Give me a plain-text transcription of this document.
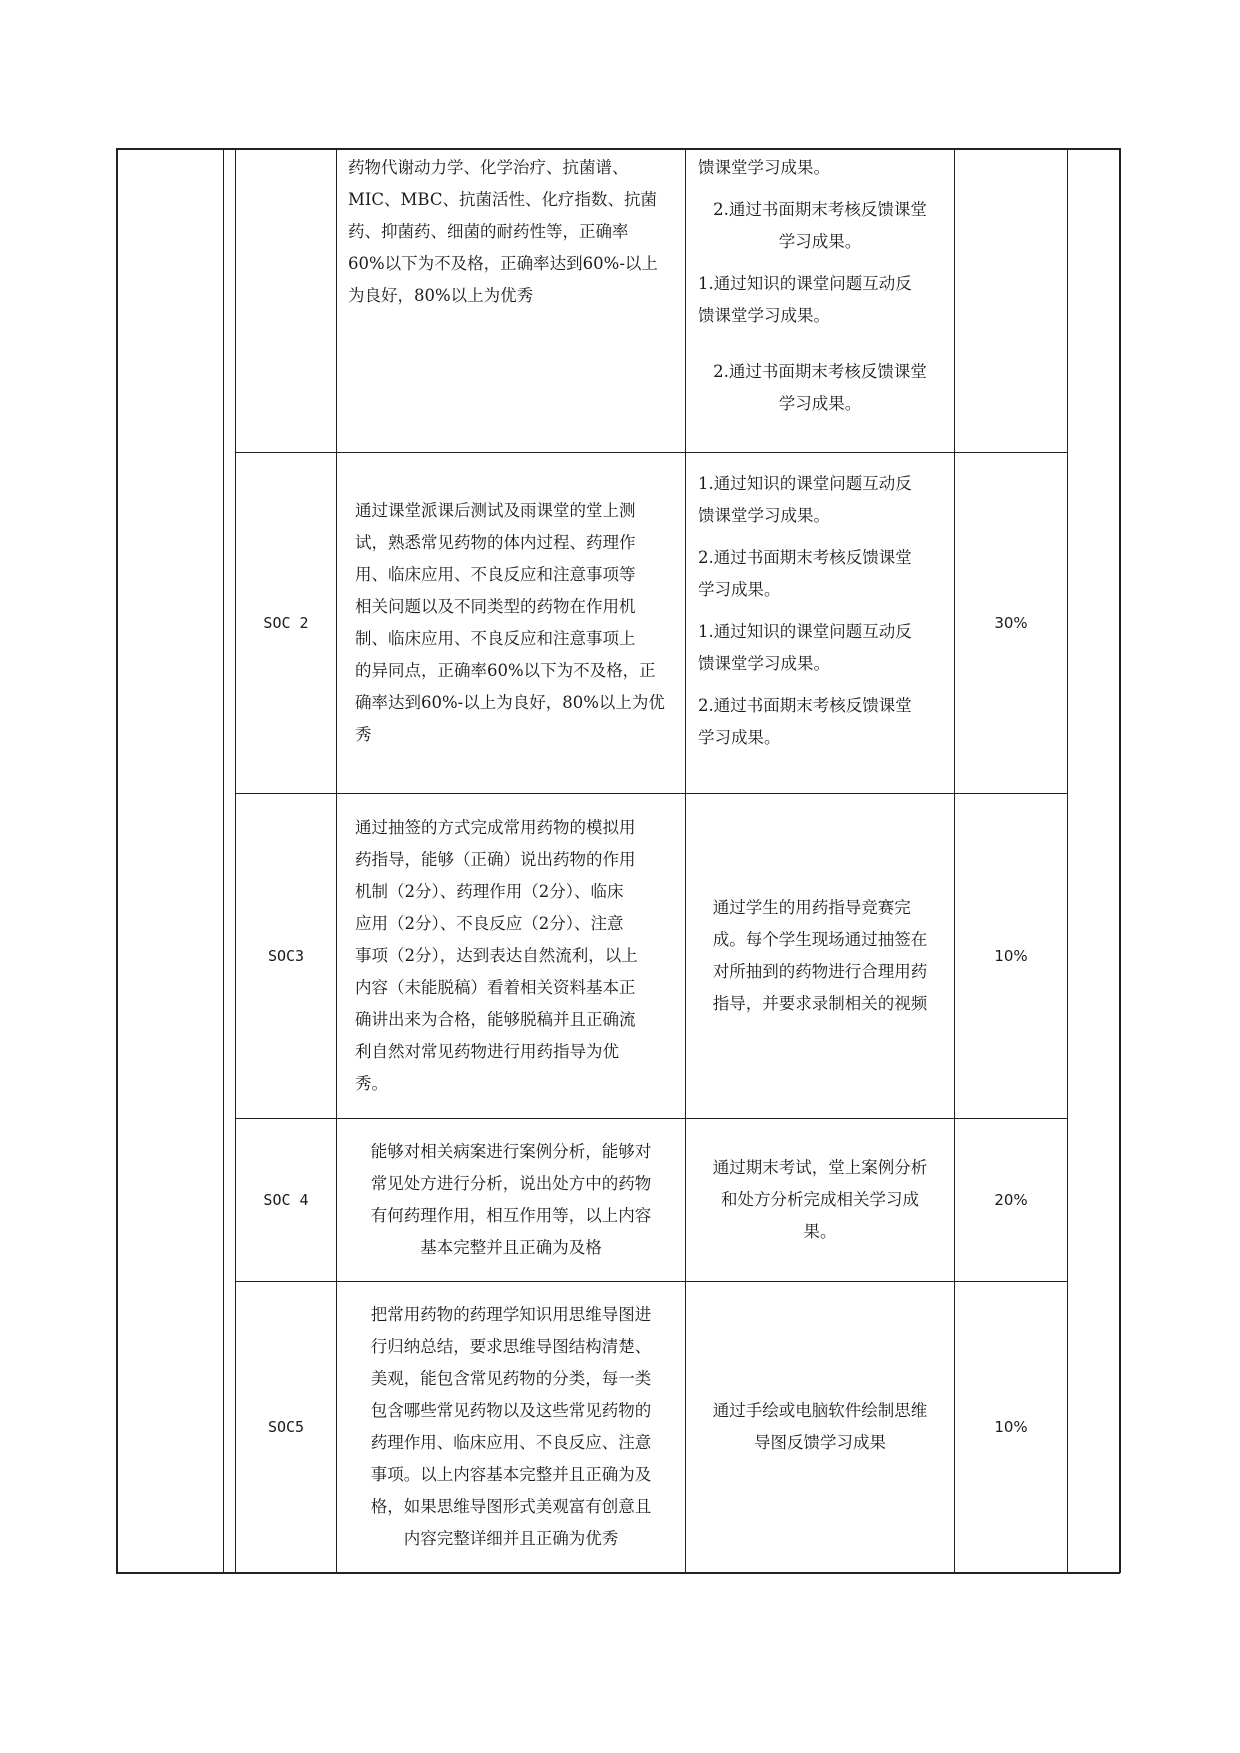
药物代谢动力学、化学治疗、抗菌谱、
MIC、MBC、抗菌活性、化疗指数、抗菌
药、抑菌药、细菌的耐药性等，正确率
60%以下为不及格，正确率达到60%-以上
为良好，80%以上为优秀
馈课堂学习成果。
2.通过书面期末考核反馈课堂
学习成果。
1.通过知识的课堂问题互动反
馈课堂学习成果。
2.通过书面期末考核反馈课堂
学习成果。
SOC 2
通过课堂派课后测试及雨课堂的堂上测
试，熟悉常见药物的体内过程、药理作
用、临床应用、不良反应和注意事项等
相关问题以及不同类型的药物在作用机
制、临床应用、不良反应和注意事项上
的异同点，正确率60%以下为不及格，正
确率达到60%-以上为良好，80%以上为优
秀
1.通过知识的课堂问题互动反
馈课堂学习成果。
2.通过书面期末考核反馈课堂
学习成果。
1.通过知识的课堂问题互动反
馈课堂学习成果。
2.通过书面期末考核反馈课堂
学习成果。
30%
SOC3
通过抽签的方式完成常用药物的模拟用
药指导，能够（正确）说出药物的作用
机制（2分）、药理作用（2分）、临床
应用（2分）、不良反应（2分）、注意
事项（2分），达到表达自然流利，以上
内容（未能脱稿）看着相关资料基本正
确讲出来为合格，能够脱稿并且正确流
利自然对常见药物进行用药指导为优
秀。
通过学生的用药指导竞赛完
成。每个学生现场通过抽签在
对所抽到的药物进行合理用药
指导，并要求录制相关的视频
10%
SOC 4
能够对相关病案进行案例分析，能够对
常见处方进行分析，说出处方中的药物
有何药理作用，相互作用等，以上内容
基本完整并且正确为及格
通过期末考试，堂上案例分析
和处方分析完成相关学习成
果。
20%
SOC5
把常用药物的药理学知识用思维导图进
行归纳总结，要求思维导图结构清楚、
美观，能包含常见药物的分类，每一类
包含哪些常见药物以及这些常见药物的
药理作用、临床应用、不良反应、注意
事项。以上内容基本完整并且正确为及
格，如果思维导图形式美观富有创意且
内容完整详细并且正确为优秀
通过手绘或电脑软件绘制思维
导图反馈学习成果
10%
